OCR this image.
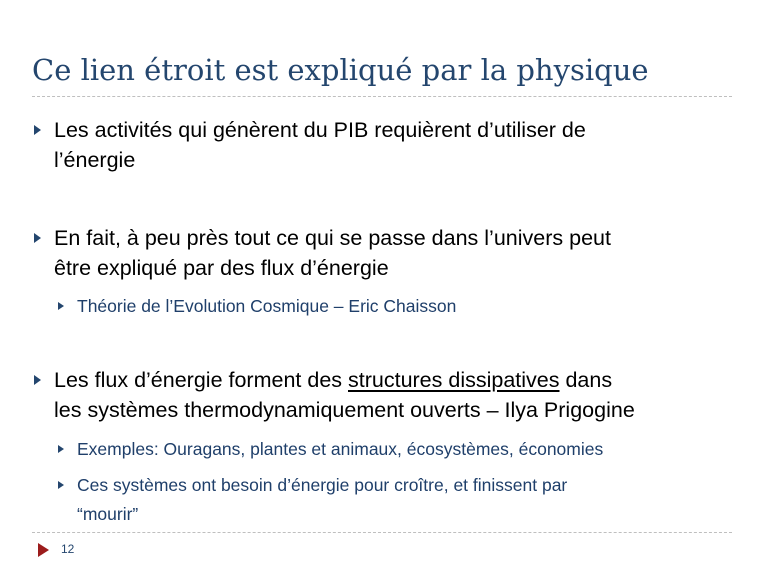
Ce lien étroit est expliqué par la physique
Les activités qui génèrent du PIB requièrent d’utiliser de
l’énergie
En fait, à peu près tout ce qui se passe dans l’univers peut
être expliqué par des flux d’énergie
Théorie de l’Evolution Cosmique – Eric Chaisson
Les flux d’énergie forment des structures dissipatives dans
les systèmes thermodynamiquement ouverts – Ilya Prigogine
Exemples: Ouragans, plantes et animaux, écosystèmes, économies
Ces systèmes ont besoin d’énergie pour croître, et finissent par
“mourir”
12
